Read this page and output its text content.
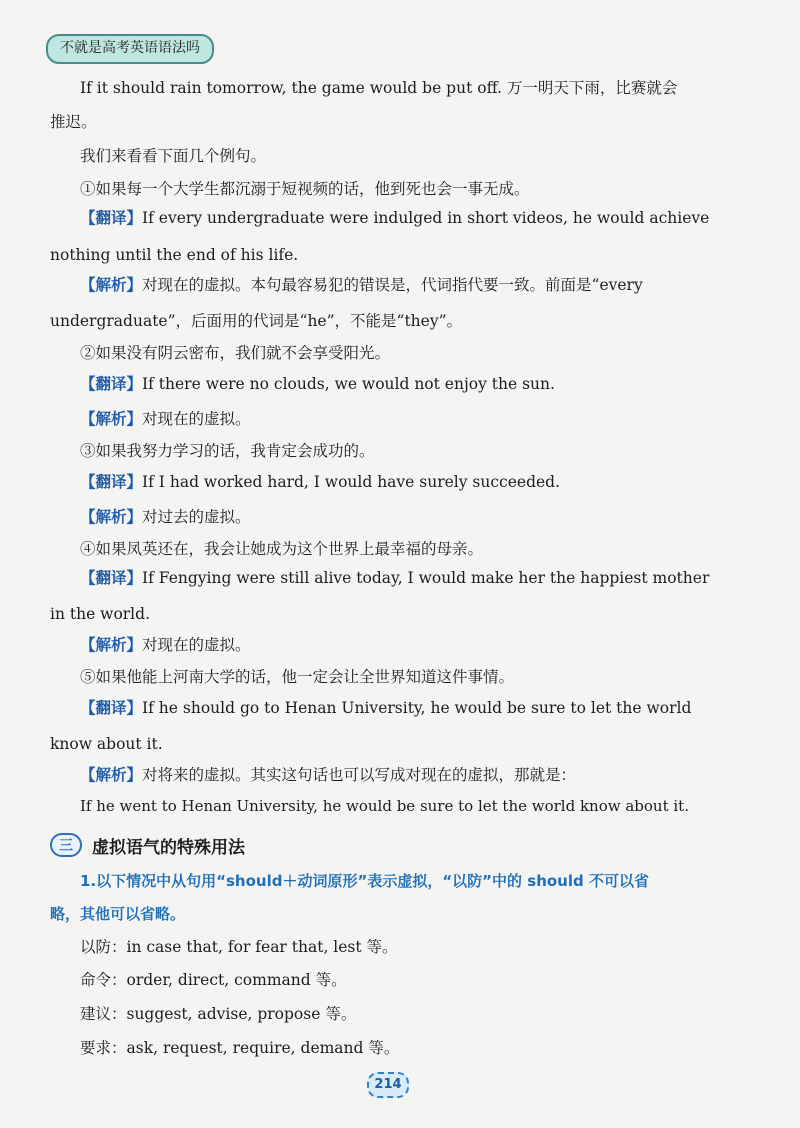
不就是高考英语语法吗
If it should rain tomorrow, the game would be put off. 万一明天下雨，比赛就会
推迟。
我们来看看下面几个例句。
①如果每一个大学生都沉溺于短视频的话，他到死也会一事无成。
【翻译】If every undergraduate were indulged in short videos, he would achieve
nothing until the end of his life.
【解析】对现在的虚拟。本句最容易犯的错误是，代词指代要一致。前面是“every
undergraduate”，后面用的代词是“he”，不能是“they”。
②如果没有阴云密布，我们就不会享受阳光。
【翻译】If there were no clouds, we would not enjoy the sun.
【解析】对现在的虚拟。
③如果我努力学习的话，我肯定会成功的。
【翻译】If I had worked hard, I would have surely succeeded.
【解析】对过去的虚拟。
④如果凤英还在，我会让她成为这个世界上最幸福的母亲。
【翻译】If Fengying were still alive today, I would make her the happiest mother
in the world.
【解析】对现在的虚拟。
⑤如果他能上河南大学的话，他一定会让全世界知道这件事情。
【翻译】If he should go to Henan University, he would be sure to let the world
know about it.
【解析】对将来的虚拟。其实这句话也可以写成对现在的虚拟，那就是：
If he went to Henan University, he would be sure to let the world know about it.
三	虚拟语气的特殊用法
1.以下情况中从句用“should＋动词原形”表示虚拟，“以防”中的 should 不可以省
略，其他可以省略。
以防：in case that, for fear that, lest 等。
命令：order, direct, command 等。
建议：suggest, advise, propose 等。
要求：ask, request, require, demand 等。
214
